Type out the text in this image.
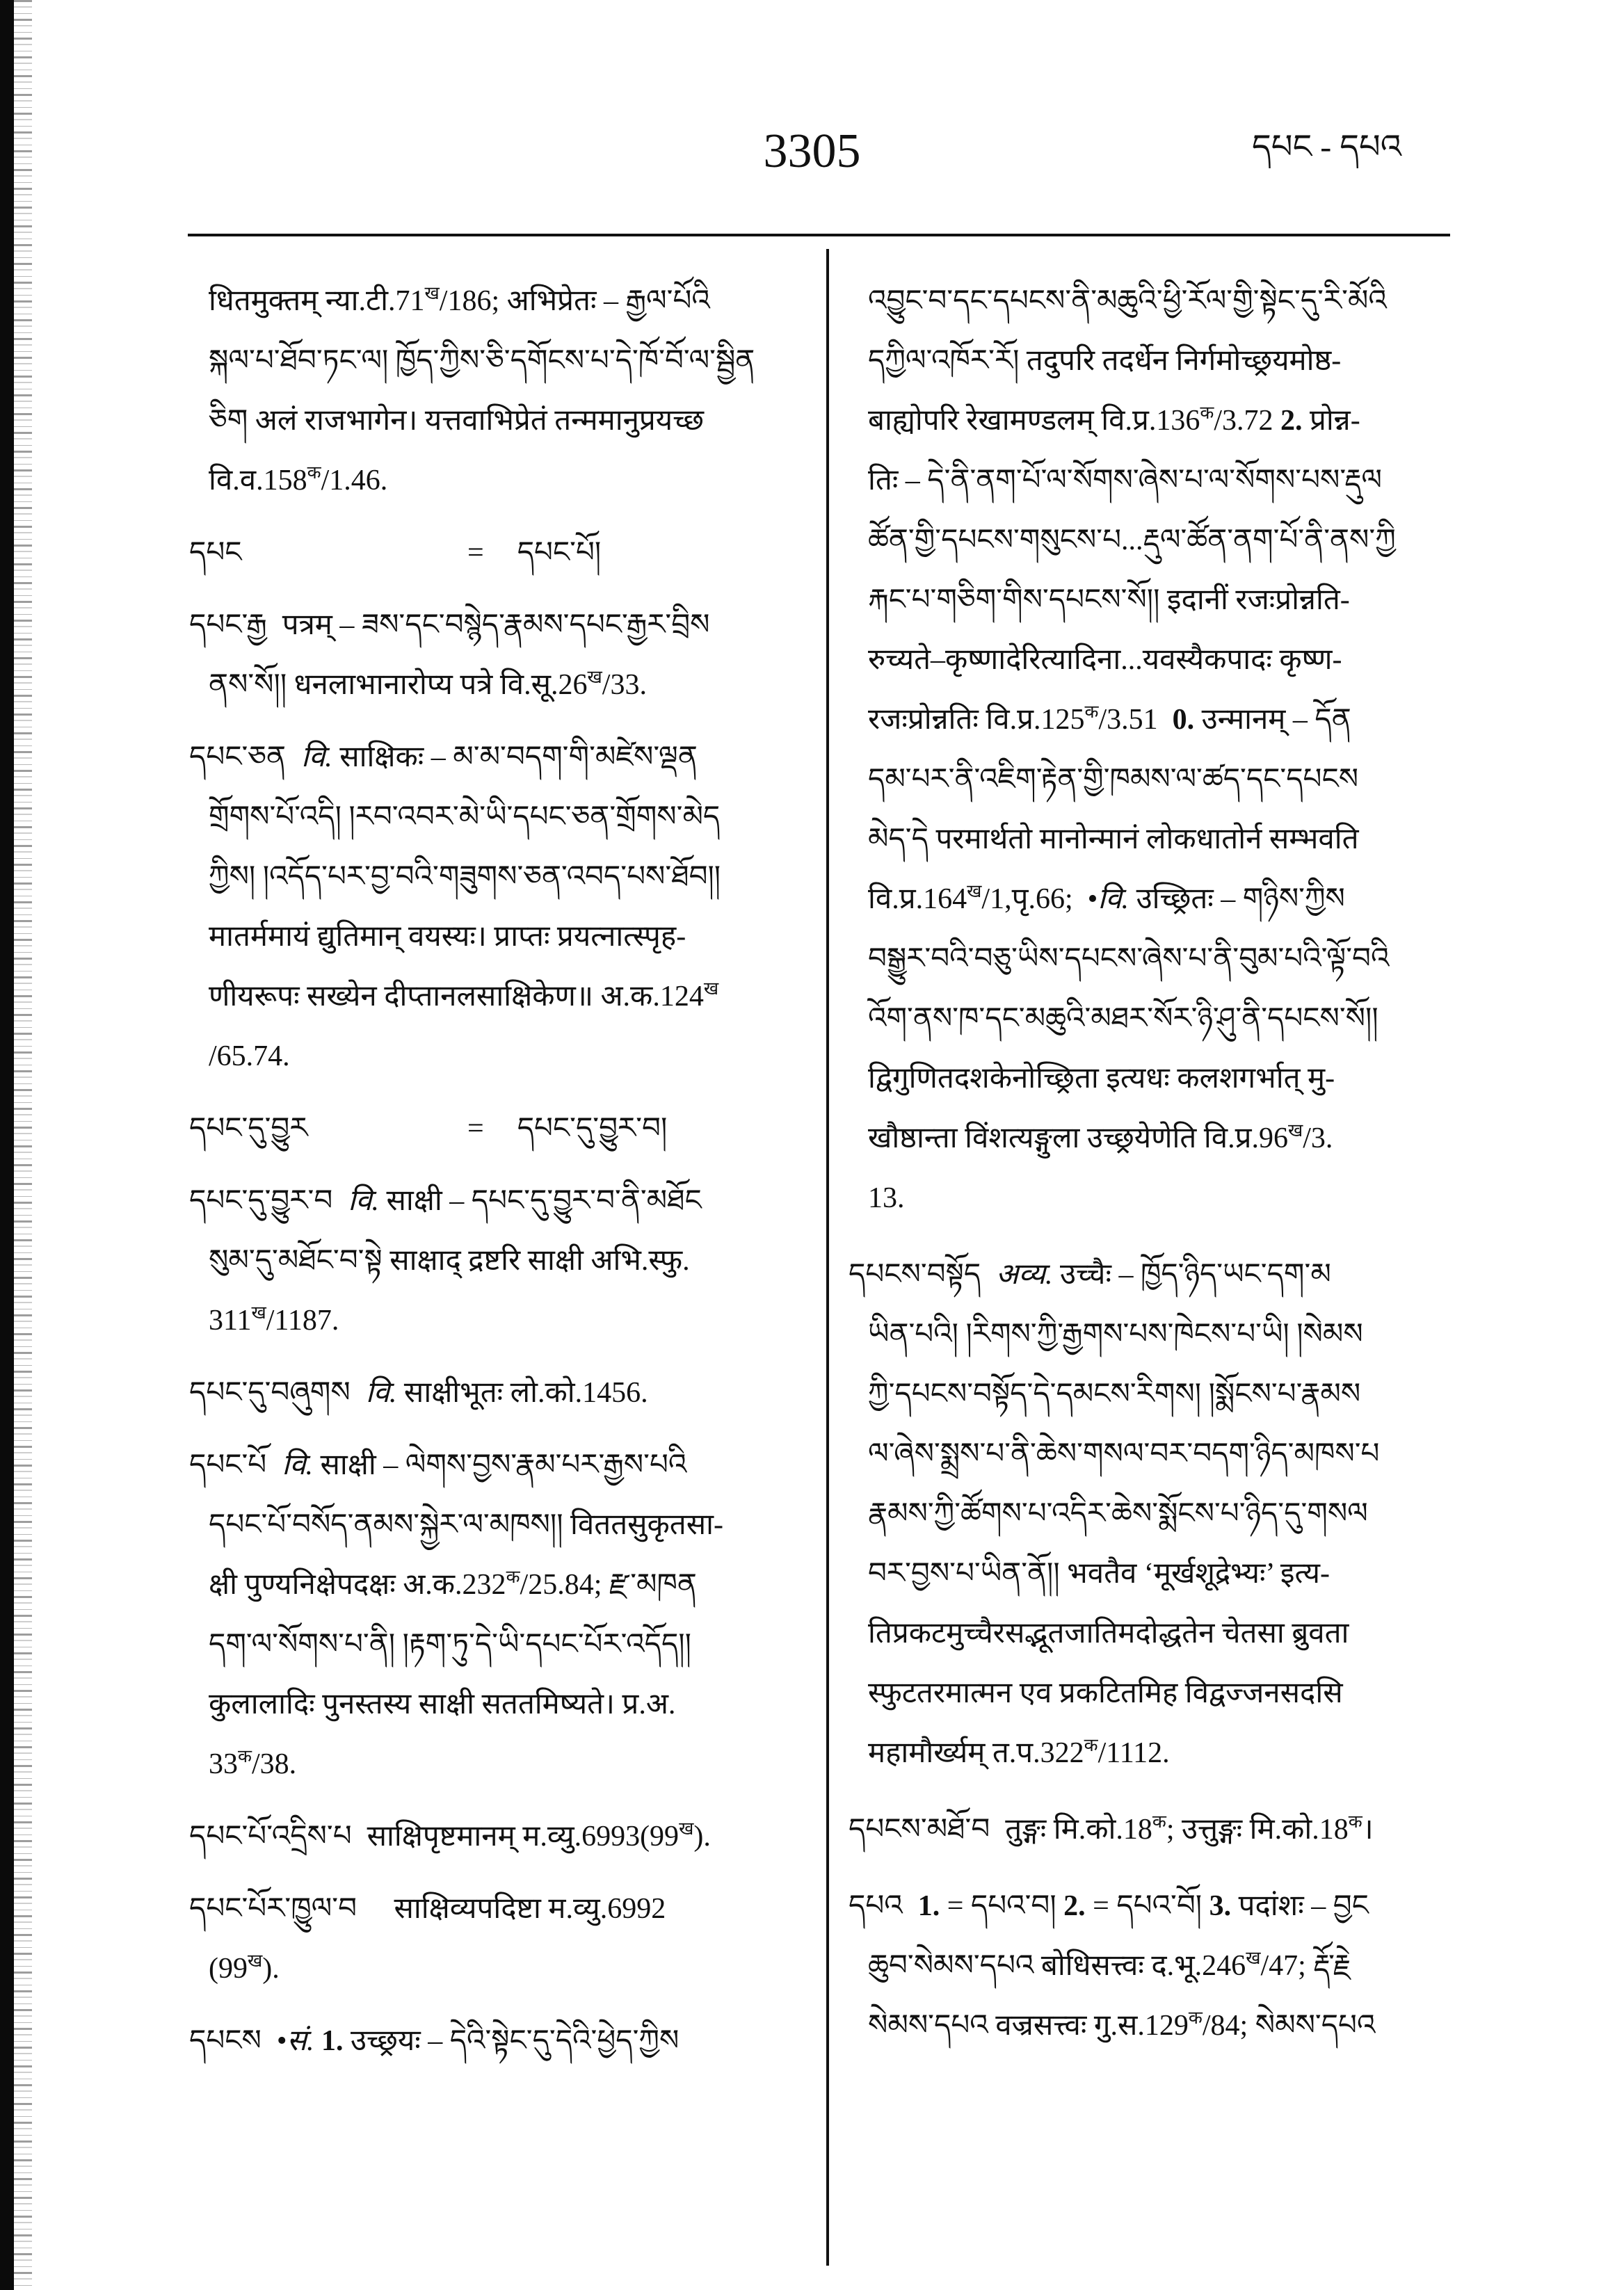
3305	དཔང - དཔའ
धितमुक्तम् $न्या.टी.71^ख/186$; अभिप्रेतः – རྒྱལ་པོའི
སྐལ་པ་ཐོབ་ཏང་ལ། ཁྱོད་ཀྱིས་ཅི་དགོངས་པ་དེ་ཁོ་བོ་ལ་སྦྱིན
ཅིག अलं राजभागेन। यत्तवाभिप्रेतं तन्ममानुप्रयच्छ
$वि.व.158^क/1.46$.
དཔང	= དཔང་པོ།
དཔང་རྒྱ पत्रम् – ཟས་དང་བསྙེད་རྣམས་དཔང་རྒྱར་བྲིས
ནས་སོ།། धनलाभानारोप्य पत्रे $वि.सू.26^ख/33$.
དཔང་ཅན वि. साक्षिकः – མ་མ་བདག་གི་མཛེས་ལྡན
གྲོགས་པོ་འདི། །རབ་འབར་མེ་ཡི་དཔང་ཅན་གྲོགས་མེད
ཀྱིས། །འདོད་པར་བྱ་བའི་གཟུགས་ཅན་འབད་པས་ཐོབ།།
मातर्ममायं द्युतिमान् वयस्यः। प्राप्तः प्रयत्नात्स्पृह-
णीयरूपः सख्येन दीप्तानलसाक्षिकेण॥ $अ.क.124^ख$
/65.74.
དཔང་དུ་བྱུར	= དཔང་དུ་བྱུར་བ།
དཔང་དུ་བྱུར་བ वि. साक्षी – དཔང་དུ་བྱུར་བ་ནི་མཐོང
སུམ་དུ་མཐོང་བ་སྟེ साक्षाद् द्रष्टरि साक्षी अभि.स्फु.
$311^ख/1187$.
དཔང་དུ་བཞུགས वि. साक्षीभूतः लो.को.1456.
དཔང་པོ वि. साक्षी – ལེགས་བྱས་རྣམ་པར་རྒྱས་པའི
དཔང་པོ་བསོད་ནམས་སྐྱེར་ལ་མཁས།། विततसुकृतसा-
क्षी पुण्यनिक्षेपदक्षः $अ.क.232^क/25.84$; རྫ་མཁན
དག་ལ་སོགས་པ་ནི། །རྟག་ཏུ་དེ་ཡི་དཔང་པོར་འདོད།།
कुलालादिः पुनस्तस्य साक्षी सततमिष्यते। प्र.अ.
$33^क/38$.
དཔང་པོ་འདྲིས་པ साक्षिपृष्टमानम् $म.व्यु.6993(99^ख)$.
དཔང་པོར་ཁྱུལ་བ   साक्षिव्यपदिष्टा म.व्यु.6992
$(99^ख)$.
དཔངས •सं. 1. उच्छ्रयः – དེའི་སྟེང་དུ་དེའི་ཕྱེད་ཀྱིས
འབྱུང་བ་དང་དཔངས་ནི་མཆུའི་ཕྱི་རོལ་གྱི་སྟེང་དུ་རི་མོའི
དཀྱིལ་འཁོར་རོ། तदुपरि तदर्धेन निर्गमोच्छ्रयमोष्ठ-
बाह्योपरि रेखामण्डलम् $वि.प्र.136^क/3.72$ 2. प्रोन्न-
तिः – དེ་ནི་ནག་པོ་ལ་སོགས་ཞེས་པ་ལ་སོགས་པས་རྡུལ
ཚོན་གྱི་དཔངས་གསུངས་པ...རྡུལ་ཚོན་ནག་པོ་ནི་ནས་ཀྱི
རྐང་པ་གཅིག་གིས་དཔངས་སོ།། इदानीं रजःप्रोन्नति-
रुच्यते–कृष्णादेरित्यादिना...यवस्यैकपादः कृष्ण-
रजःप्रोन्नतिः $वि.प्र.125^क/3.51$  0. उन्मानम् – དོན
དམ་པར་ནི་འཇིག་རྟེན་གྱི་ཁམས་ལ་ཚད་དང་དཔངས
མེད་དེ परमार्थतो मानोन्मानं लोकधातोर्न सम्भवति
$वि.प्र.164^ख/1,पृ.66$;  •वि. उच्छ्रितः – གཉིས་ཀྱིས
བསྒྱུར་བའི་བཅུ་ཡིས་དཔངས་ཞེས་པ་ནི་བུམ་པའི་ལྟོ་བའི
འོག་ནས་ཁ་དང་མཆུའི་མཐར་སོར་ཉི་ཤུ་ནི་དཔངས་སོ།།
द्विगुणितदशकेनोच्छ्रिता इत्यधः कलशगर्भात् मु-
खौष्ठान्ता विंशत्यङ्गुला उच्छ्रयेणेति $वि.प्र.96^ख/3$.
13.
དཔངས་བསྟོད अव्य. उच्चैः – ཁྱོད་ཉིད་ཡང་དག་མ
ཡིན་པའི། །རིགས་ཀྱི་རྒྱགས་པས་ཁེངས་པ་ཡི། །སེམས
ཀྱི་དཔངས་བསྟོད་དེ་དམངས་རིགས། །སྨོངས་པ་རྣམས
ལ་ཞེས་སྨྲས་པ་ནི་ཆེས་གསལ་བར་བདག་ཉིད་མཁས་པ
རྣམས་ཀྱི་ཚོགས་པ་འདིར་ཆེས་སྨོངས་པ་ཉིད་དུ་གསལ
བར་བྱས་པ་ཡིན་ནོ།། भवतैव ‘मूर्खशूद्रेभ्यः’ इत्य-
तिप्रकटमुच्चैरसद्भूतजातिमदोद्धतेन चेतसा ब्रुवता
स्फुटतरमात्मन एव प्रकटितमिह विद्वज्जनसदसि
महामौर्ख्यम् $त.प.322^क/1112$.
དཔངས་མཐོ་བ तुङ्गः $मि.को.18^क$; उत्तुङ्गः $मि.को.18^क।$
དཔའ 1. = དཔའ་བ། 2. = དཔའ་བོ། 3. पदांशः – བྱང
ཆུབ་སེམས་དཔའ बोधिसत्त्वः $द.भू.246^ख/47$; རྡོ་རྗེ
སེམས་དཔའ वज्रसत्त्वः $गु.स.129^क/84$; སེམས་དཔའ
